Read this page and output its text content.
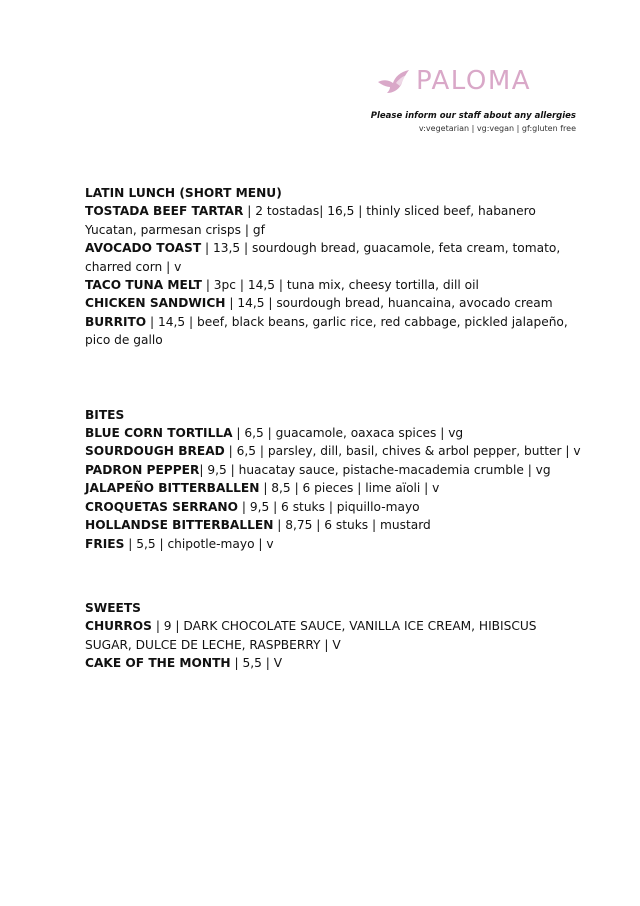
PALOMA
Please inform our staff about any allergies
v:vegetarian | vg:vegan | gf:gluten free
LATIN LUNCH (SHORT MENU)
TOSTADA BEEF TARTAR | 2 tostadas| 16,5 | thinly sliced beef, habanero Yucatan, parmesan crisps | gf
AVOCADO TOAST | 13,5 | sourdough bread, guacamole, feta cream, tomato, charred corn | v
TACO TUNA MELT | 3pc | 14,5 | tuna mix, cheesy tortilla, dill oil
CHICKEN SANDWICH | 14,5 | sourdough bread, huancaina, avocado cream
BURRITO | 14,5 | beef, black beans, garlic rice, red cabbage, pickled jalapeño, pico de gallo
BITES
BLUE CORN TORTILLA | 6,5 | guacamole, oaxaca spices | vg
SOURDOUGH BREAD | 6,5 | parsley, dill, basil, chives & arbol pepper, butter | v
PADRON PEPPER| 9,5 | huacatay sauce, pistache-macademia crumble | vg
JALAPEÑO BITTERBALLEN | 8,5 | 6 pieces | lime aïoli | v
CROQUETAS SERRANO | 9,5 | 6 stuks | piquillo-mayo
HOLLANDSE BITTERBALLEN | 8,75 | 6 stuks | mustard
FRIES | 5,5 | chipotle-mayo | v
SWEETS
CHURROS | 9 | DARK CHOCOLATE SAUCE, VANILLA ICE CREAM, HIBISCUS SUGAR, DULCE DE LECHE, RASPBERRY | V
CAKE OF THE MONTH | 5,5 | V
